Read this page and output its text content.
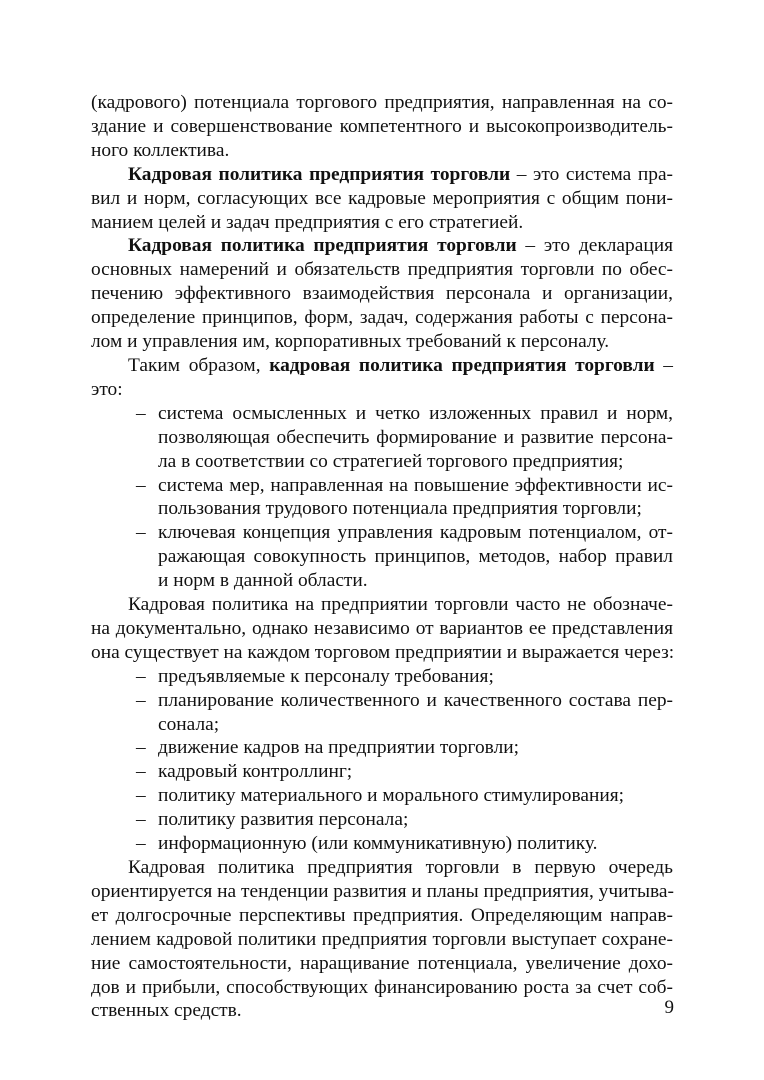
(кадрового) потенциала торгового предприятия, направленная на со-
здание и совершенствование компетентного и высокопроизводитель-
ного коллектива.

Кадровая политика предприятия торговли – это система пра-
вил и норм, согласующих все кадровые мероприятия с общим пони-
манием целей и задач предприятия с его стратегией.

Кадровая политика предприятия торговли – это декларация
основных намерений и обязательств предприятия торговли по обес-
печению эффективного взаимодействия персонала и организации,
определение принципов, форм, задач, содержания работы с персона-
лом и управления им, корпоративных требований к персоналу.

Таким образом, кадровая политика предприятия торговли –
это:

– система осмысленных и четко изложенных правил и норм,
позволяющая обеспечить формирование и развитие персона-
ла в соответствии со стратегией торгового предприятия;
– система мер, направленная на повышение эффективности ис-
пользования трудового потенциала предприятия торговли;
– ключевая концепция управления кадровым потенциалом, от-
ражающая совокупность принципов, методов, набор правил
и норм в данной области.

Кадровая политика на предприятии торговли часто не обозначе-
на документально, однако независимо от вариантов ее представления
она существует на каждом торговом предприятии и выражается через:

– предъявляемые к персоналу требования;
– планирование количественного и качественного состава пер-
сонала;
– движение кадров на предприятии торговли;
– кадровый контроллинг;
– политику материального и морального стимулирования;
– политику развития персонала;
– информационную (или коммуникативную) политику.

Кадровая политика предприятия торговли в первую очередь
ориентируется на тенденции развития и планы предприятия, учитыва-
ет долгосрочные перспективы предприятия. Определяющим направ-
лением кадровой политики предприятия торговли выступает сохране-
ние самостоятельности, наращивание потенциала, увеличение дохо-
дов и прибыли, способствующих финансированию роста за счет соб-
ственных средств.	9
